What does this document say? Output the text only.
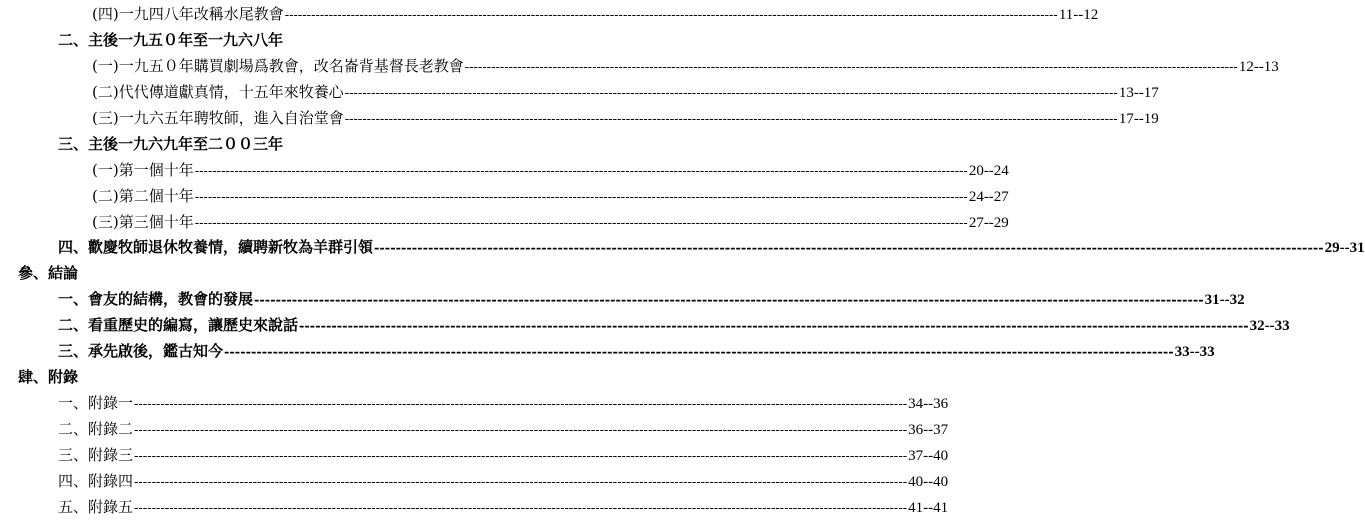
(四)一九四八年改稱水尾教會 -------------------------------------------------------------------------------------------------------------------------------------------------------------------------------- 11--12
二、主後一九五０年至一九六八年
(一)一九五０年購買劇場爲教會，改名崙背基督長老教會 -------------------------------------------------------------------------------------------------------------------------------------------------------------------------------- 12--13
(二)代代傳道獻真情，十五年來牧養心 -------------------------------------------------------------------------------------------------------------------------------------------------------------------------------- 13--17
(三)一九六五年聘牧師，進入自治堂會 -------------------------------------------------------------------------------------------------------------------------------------------------------------------------------- 17--19
三、主後一九六九年至二００三年
(一)第一個十年 -------------------------------------------------------------------------------------------------------------------------------------------------------------------------------- 20--24
(二)第二個十年 -------------------------------------------------------------------------------------------------------------------------------------------------------------------------------- 24--27
(三)第三個十年 -------------------------------------------------------------------------------------------------------------------------------------------------------------------------------- 27--29
四、歡慶牧師退休牧養情，續聘新牧為羊群引領 -------------------------------------------------------------------------------------------------------------------------------------------------------------------------------- 29--31
參、結論
一、會友的結構，教會的發展 -------------------------------------------------------------------------------------------------------------------------------------------------------------------------------- 31--32
二、看重歷史的編寫，讓歷史來說話 -------------------------------------------------------------------------------------------------------------------------------------------------------------------------------- 32--33
三、承先啟後，鑑古知今 -------------------------------------------------------------------------------------------------------------------------------------------------------------------------------- 33--33
肆、附錄
一、附錄一 -------------------------------------------------------------------------------------------------------------------------------------------------------------------------------- 34--36
二、附錄二 -------------------------------------------------------------------------------------------------------------------------------------------------------------------------------- 36--37
三、附錄三 -------------------------------------------------------------------------------------------------------------------------------------------------------------------------------- 37--40
四、附錄四 -------------------------------------------------------------------------------------------------------------------------------------------------------------------------------- 40--40
五、附錄五 -------------------------------------------------------------------------------------------------------------------------------------------------------------------------------- 41--41
